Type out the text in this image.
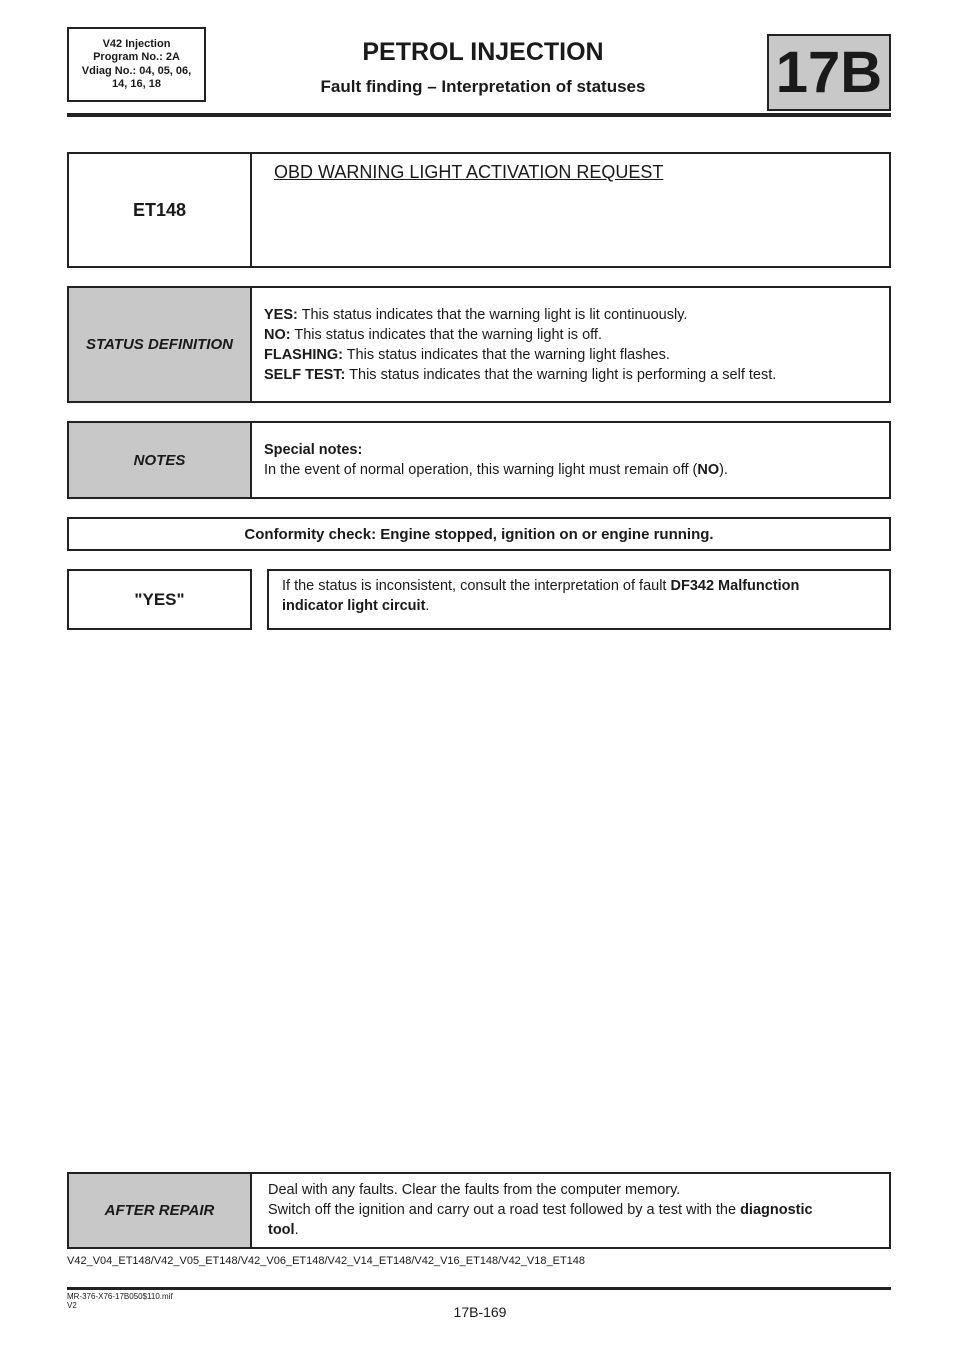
V42 Injection
Program No.: 2A
Vdiag No.: 04, 05, 06,
14, 16, 18
PETROL INJECTION
Fault finding – Interpretation of statuses	17B
ET148
OBD WARNING LIGHT ACTIVATION REQUEST
STATUS DEFINITION
YES: This status indicates that the warning light is lit continuously.
NO: This status indicates that the warning light is off.
FLASHING: This status indicates that the warning light flashes.
SELF TEST: This status indicates that the warning light is performing a self test.
NOTES
Special notes:
In the event of normal operation, this warning light must remain off (NO).
Conformity check: Engine stopped, ignition on or engine running.
"YES"
If the status is inconsistent, consult the interpretation of fault DF342 Malfunction
indicator light circuit.
AFTER REPAIR
Deal with any faults. Clear the faults from the computer memory.
Switch off the ignition and carry out a road test followed by a test with the diagnostic
tool.
V42_V04_ET148/V42_V05_ET148/V42_V06_ET148/V42_V14_ET148/V42_V16_ET148/V42_V18_ET148
MR-376-X76-17B050$110.mif
V2	17B-169
